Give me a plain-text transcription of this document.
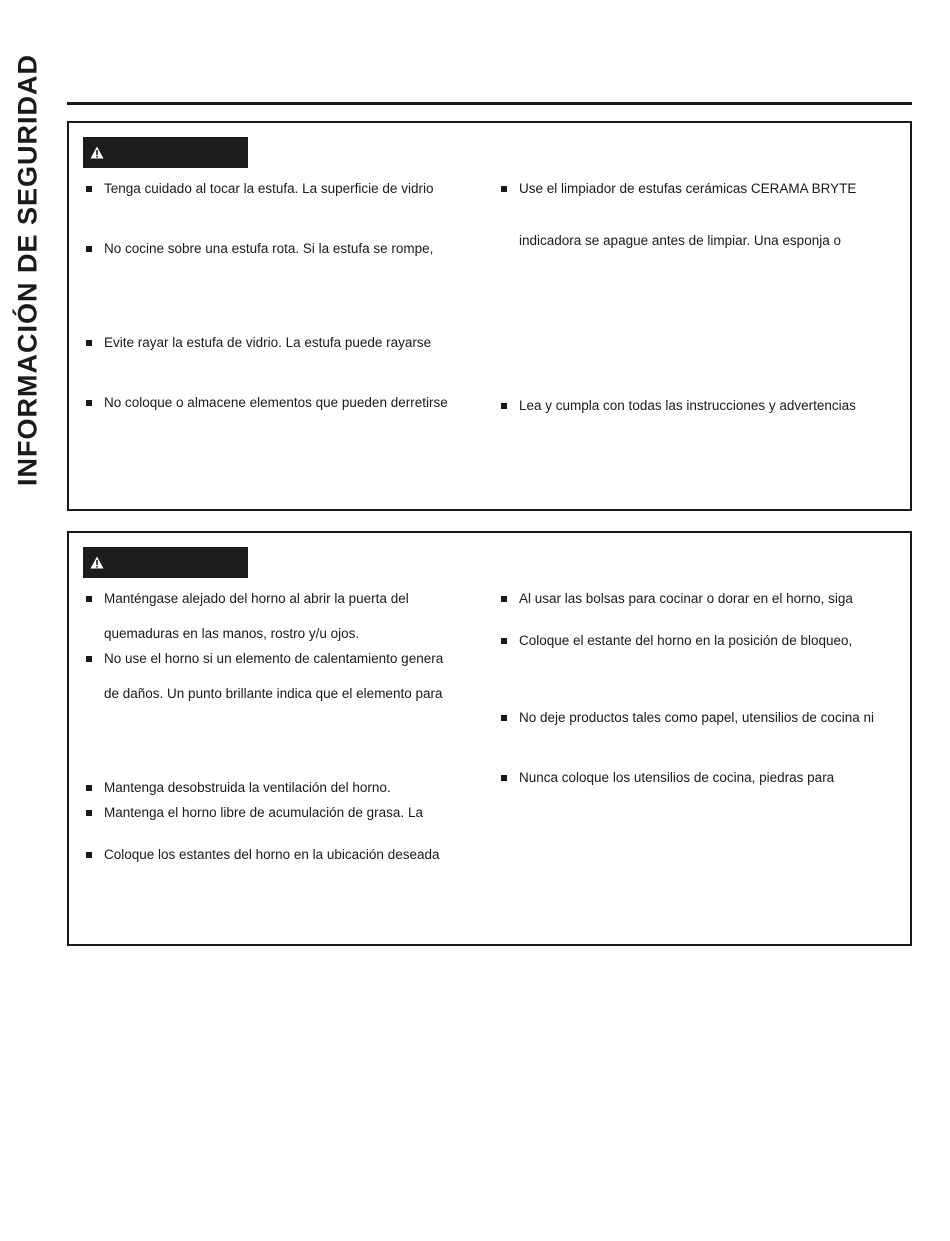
INFORMACIÓN DE SEGURIDAD	Tenga cuidado al tocar la estufa. La superficie de vidrio
No cocine sobre una estufa rota. Si la estufa se rompe,
Evite rayar la estufa de vidrio. La estufa puede rayarse
No coloque o almacene elementos que pueden derretirse
Use el limpiador de estufas cerámicas CERAMA BRYTE
indicadora se apague antes de limpiar. Una esponja o
Lea y cumpla con todas las instrucciones y advertencias
Manténgase alejado del horno al abrir la puerta del
quemaduras en las manos, rostro y/u ojos.
No use el horno si un elemento de calentamiento genera
de daños. Un punto brillante indica que el elemento para
Mantenga desobstruida la ventilación del horno.
Mantenga el horno libre de acumulación de grasa. La
Coloque los estantes del horno en la ubicación deseada
Al usar las bolsas para cocinar o dorar en el horno, siga
Coloque el estante del horno en la posición de bloqueo,
No deje productos tales como papel, utensilios de cocina ni
Nunca coloque los utensilios de cocina, piedras para
